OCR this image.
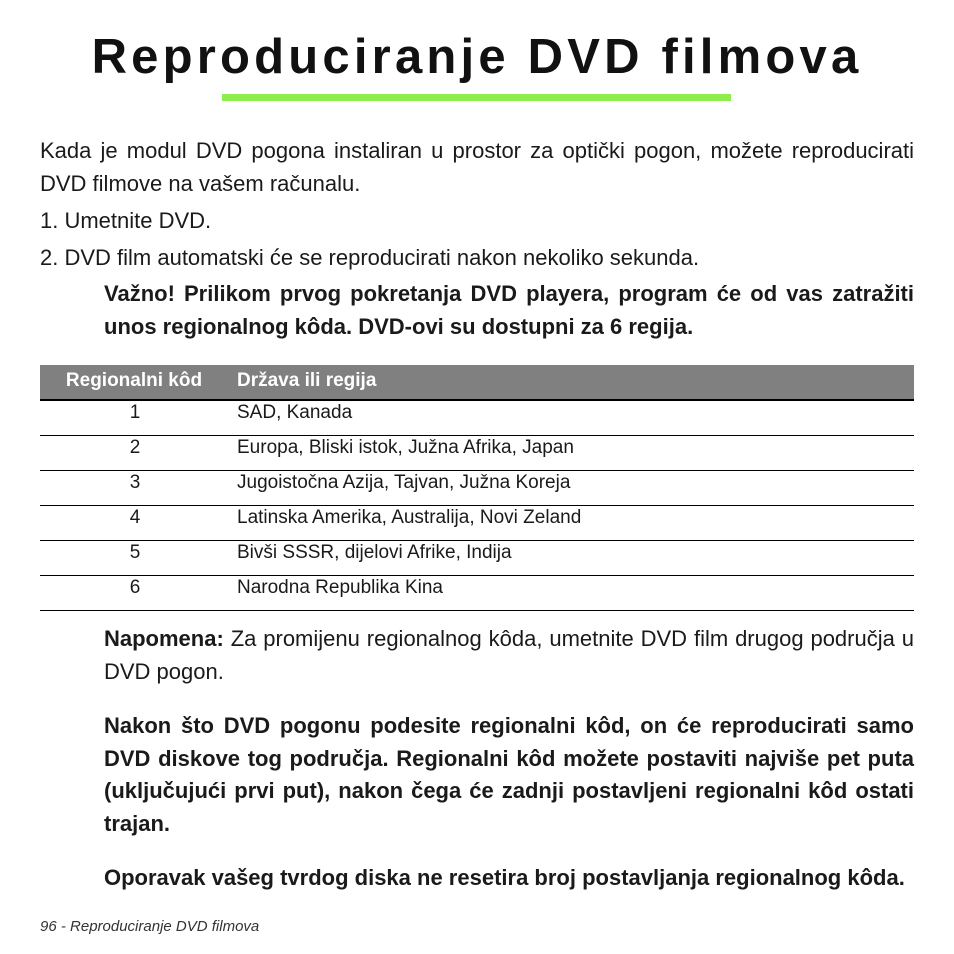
Reproduciranje DVD filmova

Kada je modul DVD pogona instaliran u prostor za optički pogon, možete reproducirati DVD filmove na vašem računalu.

1. Umetnite DVD.

2. DVD film automatski će se reproducirati nakon nekoliko sekunda.

Važno! Prilikom prvog pokretanja DVD playera, program će od vas zatražiti unos regionalnog kôda. DVD-ovi su dostupni za 6 regija.

Regionalni kôd	Država ili regija
1	SAD, Kanada
2	Europa, Bliski istok, Južna Afrika, Japan
3	Jugoistočna Azija, Tajvan, Južna Koreja
4	Latinska Amerika, Australija, Novi Zeland
5	Bivši SSSR, dijelovi Afrike, Indija
6	Narodna Republika Kina

Napomena: Za promijenu regionalnog kôda, umetnite DVD film drugog područja u DVD pogon.

Nakon što DVD pogonu podesite regionalni kôd, on će reproducirati samo DVD diskove tog područja. Regionalni kôd možete postaviti najviše pet puta (uključujući prvi put), nakon čega će zadnji postavljeni regionalni kôd ostati trajan.

Oporavak vašeg tvrdog diska ne resetira broj postavljanja regionalnog kôda.

96 - Reproduciranje DVD filmova
